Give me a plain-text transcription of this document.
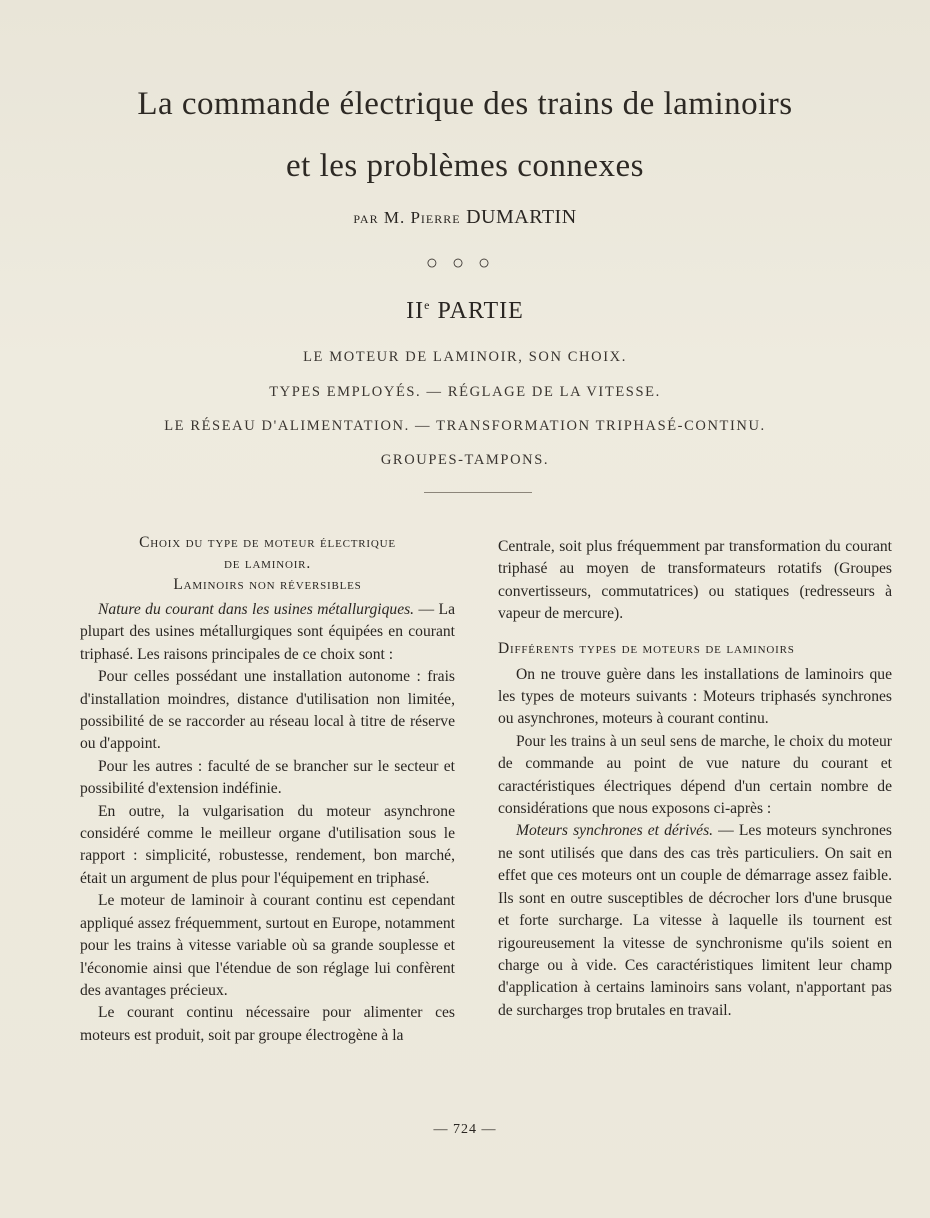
La commande électrique des trains de laminoirs
et les problèmes connexes
par M. Pierre DUMARTIN
○○○
IIe PARTIE
LE MOTEUR DE LAMINOIR, SON CHOIX.
TYPES EMPLOYÉS. — RÉGLAGE DE LA VITESSE.
LE RÉSEAU D'ALIMENTATION. — TRANSFORMATION TRIPHASÉ-CONTINU.
GROUPES-TAMPONS.
Choix du type de moteur électrique
de laminoir.
Laminoirs non réversibles

Nature du courant dans les usines métallurgiques. — La plupart des usines métallurgiques sont équipées en courant triphasé. Les raisons principales de ce choix sont :

Pour celles possédant une installation autonome : frais d'installation moindres, distance d'utilisation non limitée, possibilité de se raccorder au réseau local à titre de réserve ou d'appoint.

Pour les autres : faculté de se brancher sur le secteur et possibilité d'extension indéfinie.

En outre, la vulgarisation du moteur asynchrone considéré comme le meilleur organe d'utilisation sous le rapport : simplicité, robustesse, rendement, bon marché, était un argument de plus pour l'équipement en triphasé.

Le moteur de laminoir à courant continu est cependant appliqué assez fréquemment, surtout en Europe, notamment pour les trains à vitesse variable où sa grande souplesse et l'économie ainsi que l'étendue de son réglage lui confèrent des avantages précieux.

Le courant continu nécessaire pour alimenter ces moteurs est produit, soit par groupe électrogène à la

Centrale, soit plus fréquemment par transformation du courant triphasé au moyen de transformateurs rotatifs (Groupes convertisseurs, commutatrices) ou statiques (redresseurs à vapeur de mercure).

Différents types de moteurs de laminoirs

On ne trouve guère dans les installations de laminoirs que les types de moteurs suivants : Moteurs triphasés synchrones ou asynchrones, moteurs à courant continu.

Pour les trains à un seul sens de marche, le choix du moteur de commande au point de vue nature du courant et caractéristiques électriques dépend d'un certain nombre de considérations que nous exposons ci-après :

Moteurs synchrones et dérivés. — Les moteurs synchrones ne sont utilisés que dans des cas très particuliers. On sait en effet que ces moteurs ont un couple de démarrage assez faible. Ils sont en outre susceptibles de décrocher lors d'une brusque et forte surcharge. La vitesse à laquelle ils tournent est rigoureusement la vitesse de synchronisme qu'ils soient en charge ou à vide. Ces caractéristiques limitent leur champ d'application à certains laminoirs sans volant, n'apportant pas de surcharges trop brutales en travail.

— 724 —
